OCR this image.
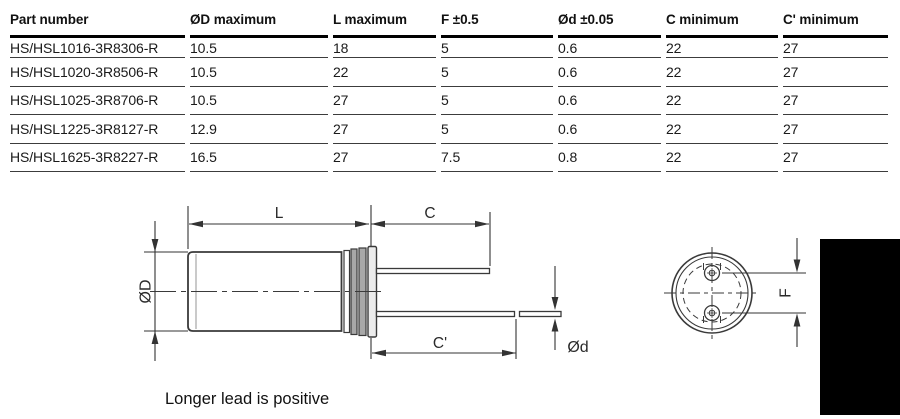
Part number	ØD maximum	L maximum	F ±0.5	Ød ±0.05	C minimum	C' minimum
HS/HSL1016-3R8306-R	10.5	18	5	0.6	22	27
HS/HSL1020-3R8506-R	10.5	22	5	0.6	22	27
HS/HSL1025-3R8706-R	10.5	27	5	0.6	22	27
HS/HSL1225-3R8127-R	12.9	27	5	0.6	22	27
HS/HSL1625-3R8227-R	16.5	27	7.5	0.8	22	27
L	C
C'	Ød
ØD	F
Longer lead is positive
